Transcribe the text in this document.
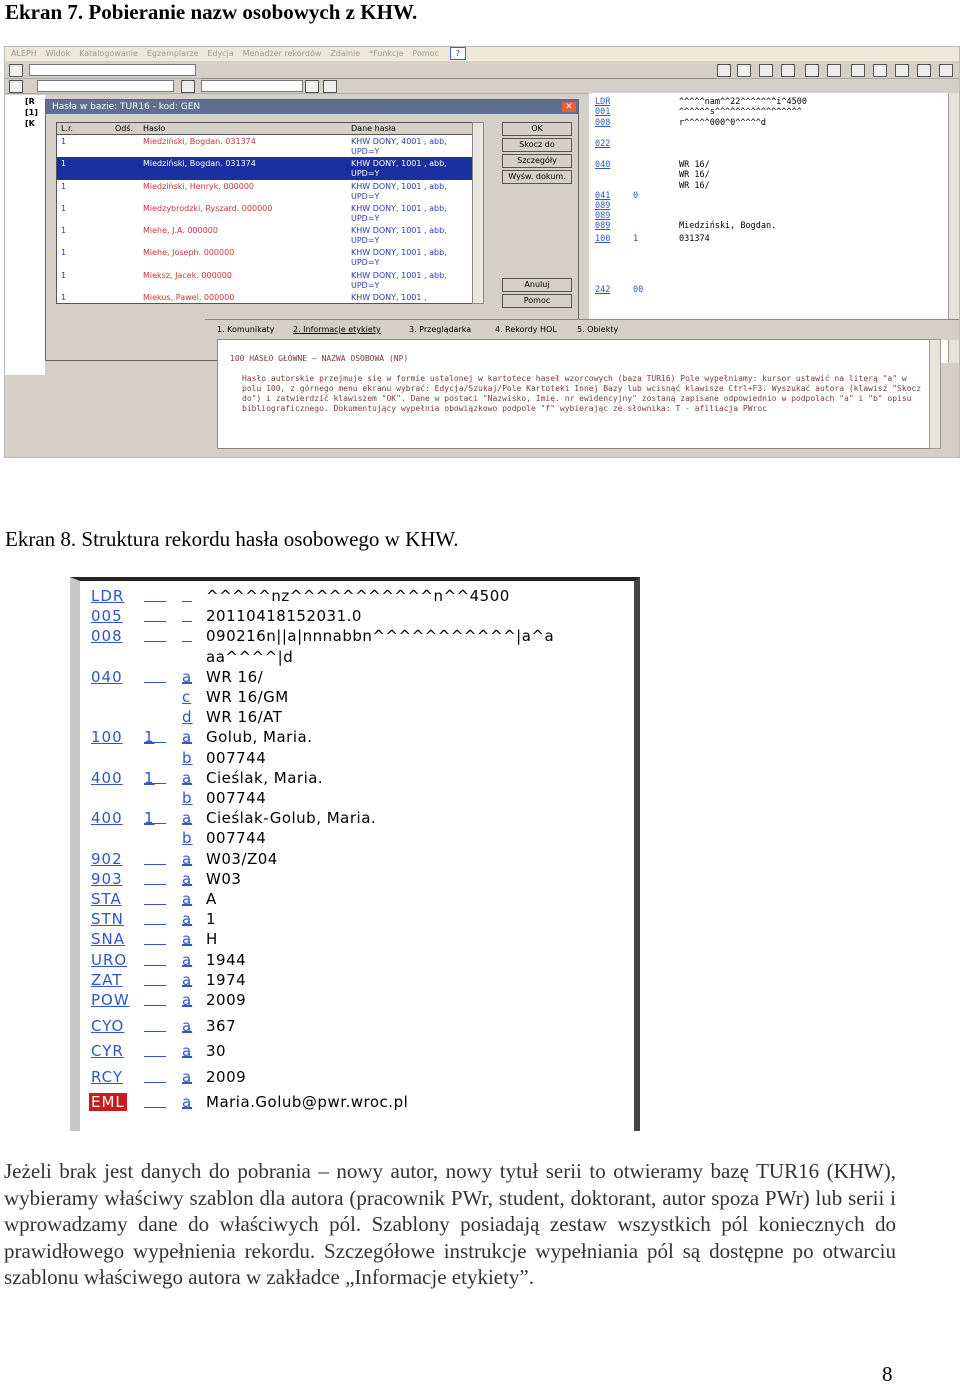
Ekran 7. Pobieranie nazw osobowych z KHW.
ALEPH Widok Katalogowanie Egzemplarze Edycja Menadżer rekordów Zdalnie *Funkcje Pomoc ?
[R
[1]
[K
Hasła w bazie: TUR16 - kod: GEN	✕
L.r.	Odś. Hasło	Dane hasła
1	Miedziński, Bogdan. 031374	KHW DONY, 4001 , abb, UPD=Y
1	Miedziński, Bogdan. 031374	KHW DONY, 1001 , abb, UPD=Y
1	Miedziński, Henryk. 000000	KHW DONY, 1001 , abb, UPD=Y
1	Miedzybrodzki, Ryszard. 000000	KHW DONY, 1001 , abb, UPD=Y
1	Miehe, J.A. 000000	KHW DONY, 1001 , abb, UPD=Y
1	Miehe, Joseph. 000000	KHW DONY, 1001 , abb, UPD=Y
1	Mieksz, Jacek. 000000	KHW DONY, 1001 , abb, UPD=Y
1	Miekus, Pawel. 000000	KHW DONY, 1001 ,
OK
Skocz do
Szczegóły
Wyśw. dokum.
Anuluj
Pomoc
LDR	^^^^^nam^^22^^^^^^^i^4500
001	^^^^^^s^^^^^^^^^^^^^^^^^
008	r^^^^^000^0^^^^^d
022
040	WR 16/
WR 16/
WR 16/
041	0
089
089
089	Miedziński, Bogdan.
100	1	031374
242	00
1. Komunikaty 2. Informacje etykiety	3. Przeglądarka	4. Rekordy HOL	5. Obiekty
100 HASŁO GŁÓWNE – NAZWA OSOBOWA (NP)
Hasło autorskie przejmuje się w formie ustalonej w kartotece haseł wzorcowych (baza TUR16) Pole wypełniamy: kursor ustawić na literą "a" w polu 100, z górnego menu ekranu wybrać: Edycja/Szukaj/Pole Kartoteki Innej Bazy lub wcisnąć klawisze Ctrl+F3. Wyszukać autora (klawisz "Skocz do") i zatwierdzić klawiszem "OK". Dane w postaci "Nazwisko, Imię. nr ewidencyjny" zostaną zapisane odpowiednio w podpolach "a" i "b" opisu bibliograficznego. Dokumentujący wypełnia obowiązkowo podpole "f" wybierając ze słownika: T - afiliacja PWroc
Ekran 8. Struktura rekordu hasła osobowego w KHW.
LDR	^^^^^nz^^^^^^^^^^^n^^4500
005	20110418152031.0
008	090216n||a|nnnabbn^^^^^^^^^^^|a^a
aa^^^^|d
040	a WR 16/
c WR 16/GM
d WR 16/AT
100 1	a Golub, Maria.
b 007744
400 1	a Cieślak, Maria.
b 007744
400 1	a Cieślak-Golub, Maria.
b 007744
902	a W03/Z04
903	a W03
STA	a A
STN	a 1
SNA	a H
URO	a 1944
ZAT	a 1974
POW	a 2009
CYO	a 367
CYR	a 30
RCY	a 2009
EML	a Maria.Golub@pwr.wroc.pl
Jeżeli brak jest danych do pobrania – nowy autor, nowy tytuł serii to otwieramy bazę TUR16 (KHW), wybieramy właściwy szablon dla autora (pracownik PWr, student, doktorant, autor spoza PWr) lub serii i wprowadzamy dane do właściwych pól. Szablony posiadają zestaw wszystkich pól koniecznych do prawidłowego wypełnienia rekordu. Szczegółowe instrukcje wypełniania pól są dostępne po otwarciu szablonu właściwego autora w zakładce „Informacje etykiety”.
8
